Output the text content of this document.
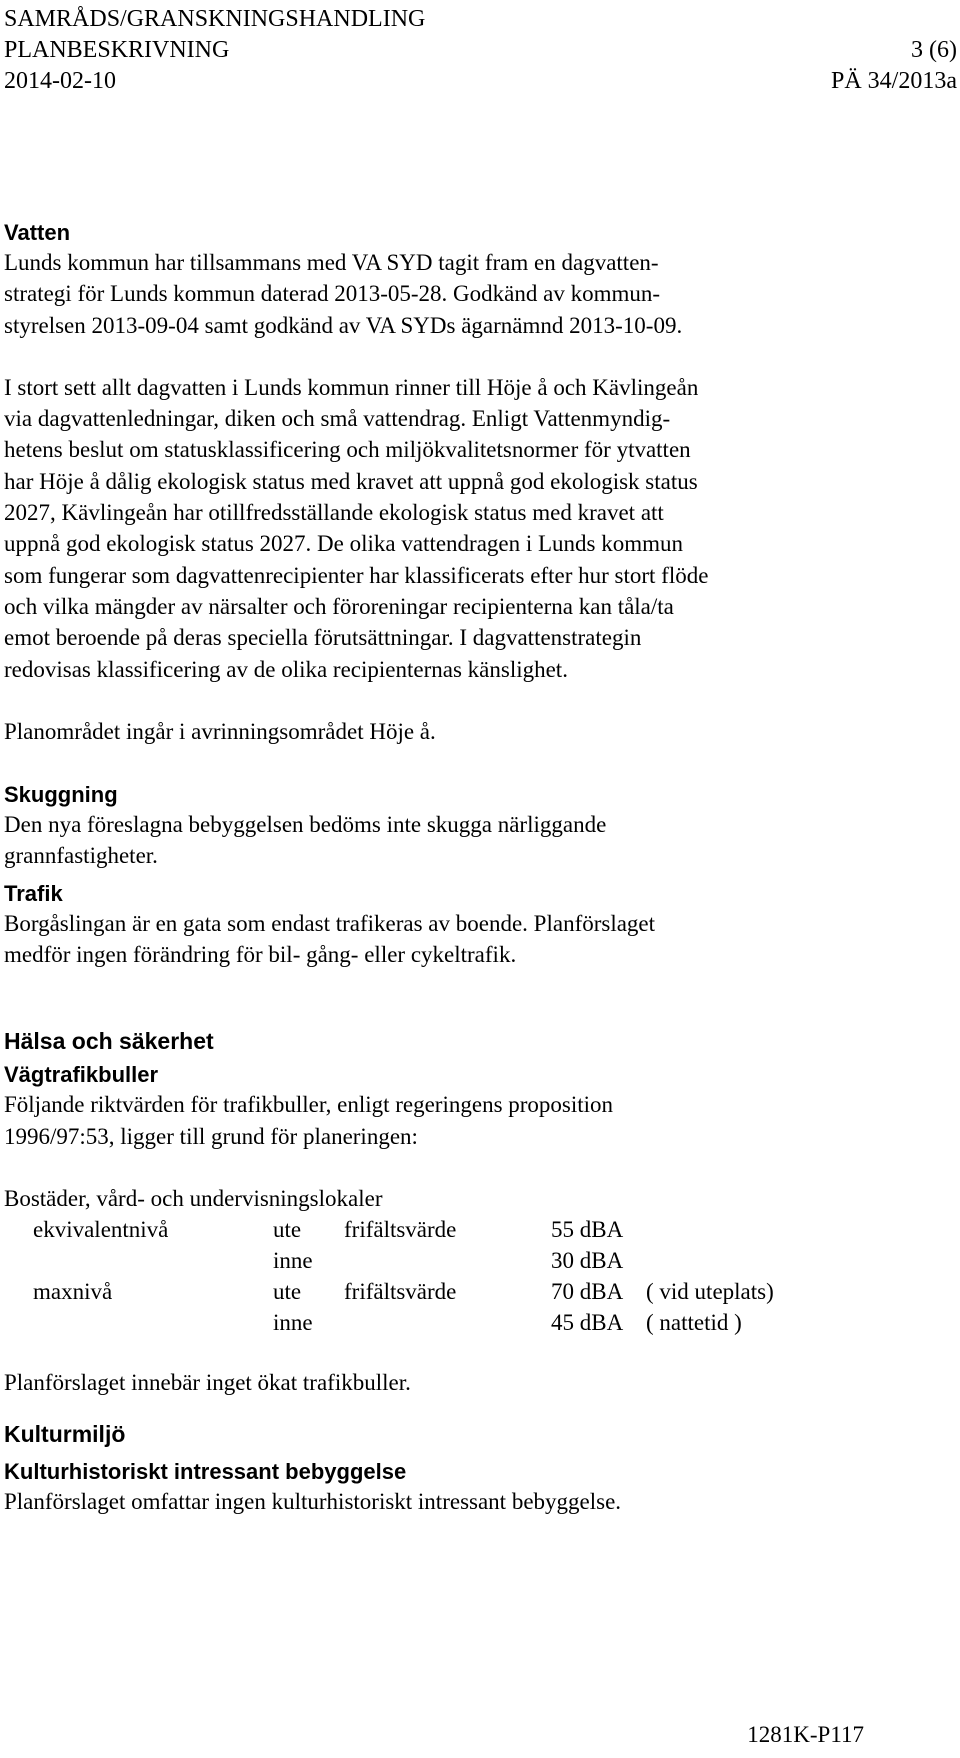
SAMRÅDS/GRANSKNINGSHANDLING
PLANBESKRIVNING	3 (6)
2014-02-10	PÄ 34/2013a
Vatten

Lunds kommun har tillsammans med VA SYD tagit fram en dagvatten-
strategi för Lunds kommun daterad 2013-05-28. Godkänd av kommun-
styrelsen 2013-09-04 samt godkänd av VA SYDs ägarnämnd 2013-10-09.

I stort sett allt dagvatten i Lunds kommun rinner till Höje å och Kävlingeån
via dagvattenledningar, diken och små vattendrag. Enligt Vattenmyndig-
hetens beslut om statusklassificering och miljökvalitetsnormer för ytvatten
har Höje å dålig ekologisk status med kravet att uppnå god ekologisk status
2027, Kävlingeån har otillfredsställande ekologisk status med kravet att
uppnå god ekologisk status 2027. De olika vattendragen i Lunds kommun
som fungerar som dagvattenrecipienter har klassificerats efter hur stort flöde
och vilka mängder av närsalter och föroreningar recipienterna kan tåla/ta
emot beroende på deras speciella förutsättningar. I dagvattenstrategin
redovisas klassificering av de olika recipienternas känslighet.

Planområdet ingår i avrinningsområdet Höje å.

Skuggning

Den nya föreslagna bebyggelsen bedöms inte skugga närliggande
grannfastigheter.

Trafik

Borgåslingan är en gata som endast trafikeras av boende. Planförslaget
medför ingen förändring för bil- gång- eller cykeltrafik.

Hälsa och säkerhet
Vägtrafikbuller

Följande riktvärden för trafikbuller, enligt regeringens proposition
1996/97:53, ligger till grund för planeringen:

Bostäder, vård- och undervisningslokaler

ekvivalentnivå	ute	frifältsvärde	55 dBA	
	inne		30 dBA	
maxnivå	ute	frifältsvärde	70 dBA	( vid uteplats)
	inne		45 dBA	( nattetid )

Planförslaget innebär inget ökat trafikbuller.

Kulturmiljö
Kulturhistoriskt intressant bebyggelse

Planförslaget omfattar ingen kulturhistoriskt intressant bebyggelse.

1281K-P117
